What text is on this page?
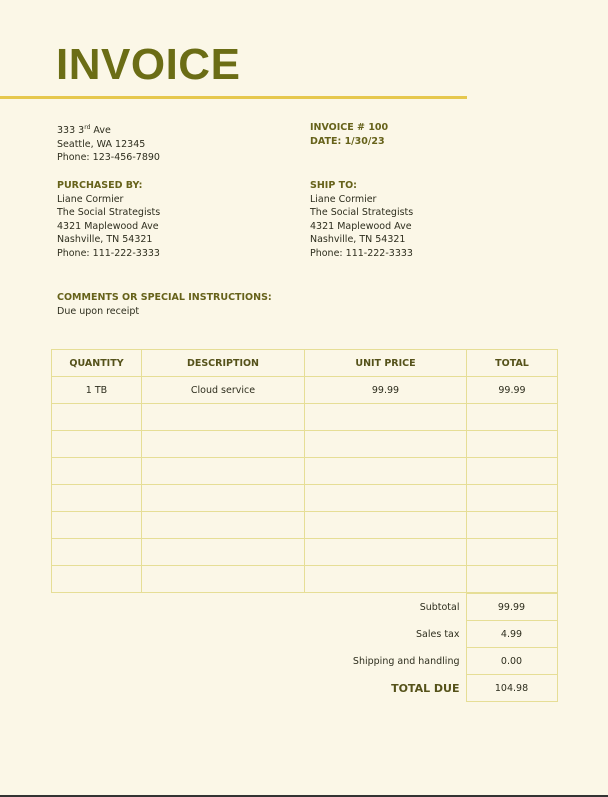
INVOICE
333 3rd Ave
Seattle, WA 12345
Phone: 123-456-7890
INVOICE # 100
DATE: 1/30/23
PURCHASED BY:
Liane Cormier
The Social Strategists
4321 Maplewood Ave
Nashville, TN 54321
Phone: 111-222-3333
SHIP TO:
Liane Cormier
The Social Strategists
4321 Maplewood Ave
Nashville, TN 54321
Phone: 111-222-3333
COMMENTS OR SPECIAL INSTRUCTIONS:
Due upon receipt
QUANTITY	DESCRIPTION	UNIT PRICE	TOTAL
1 TB	Cloud service	99.99	99.99

Subtotal	99.99
Sales tax	4.99
Shipping and handling	0.00
TOTAL DUE	104.98
